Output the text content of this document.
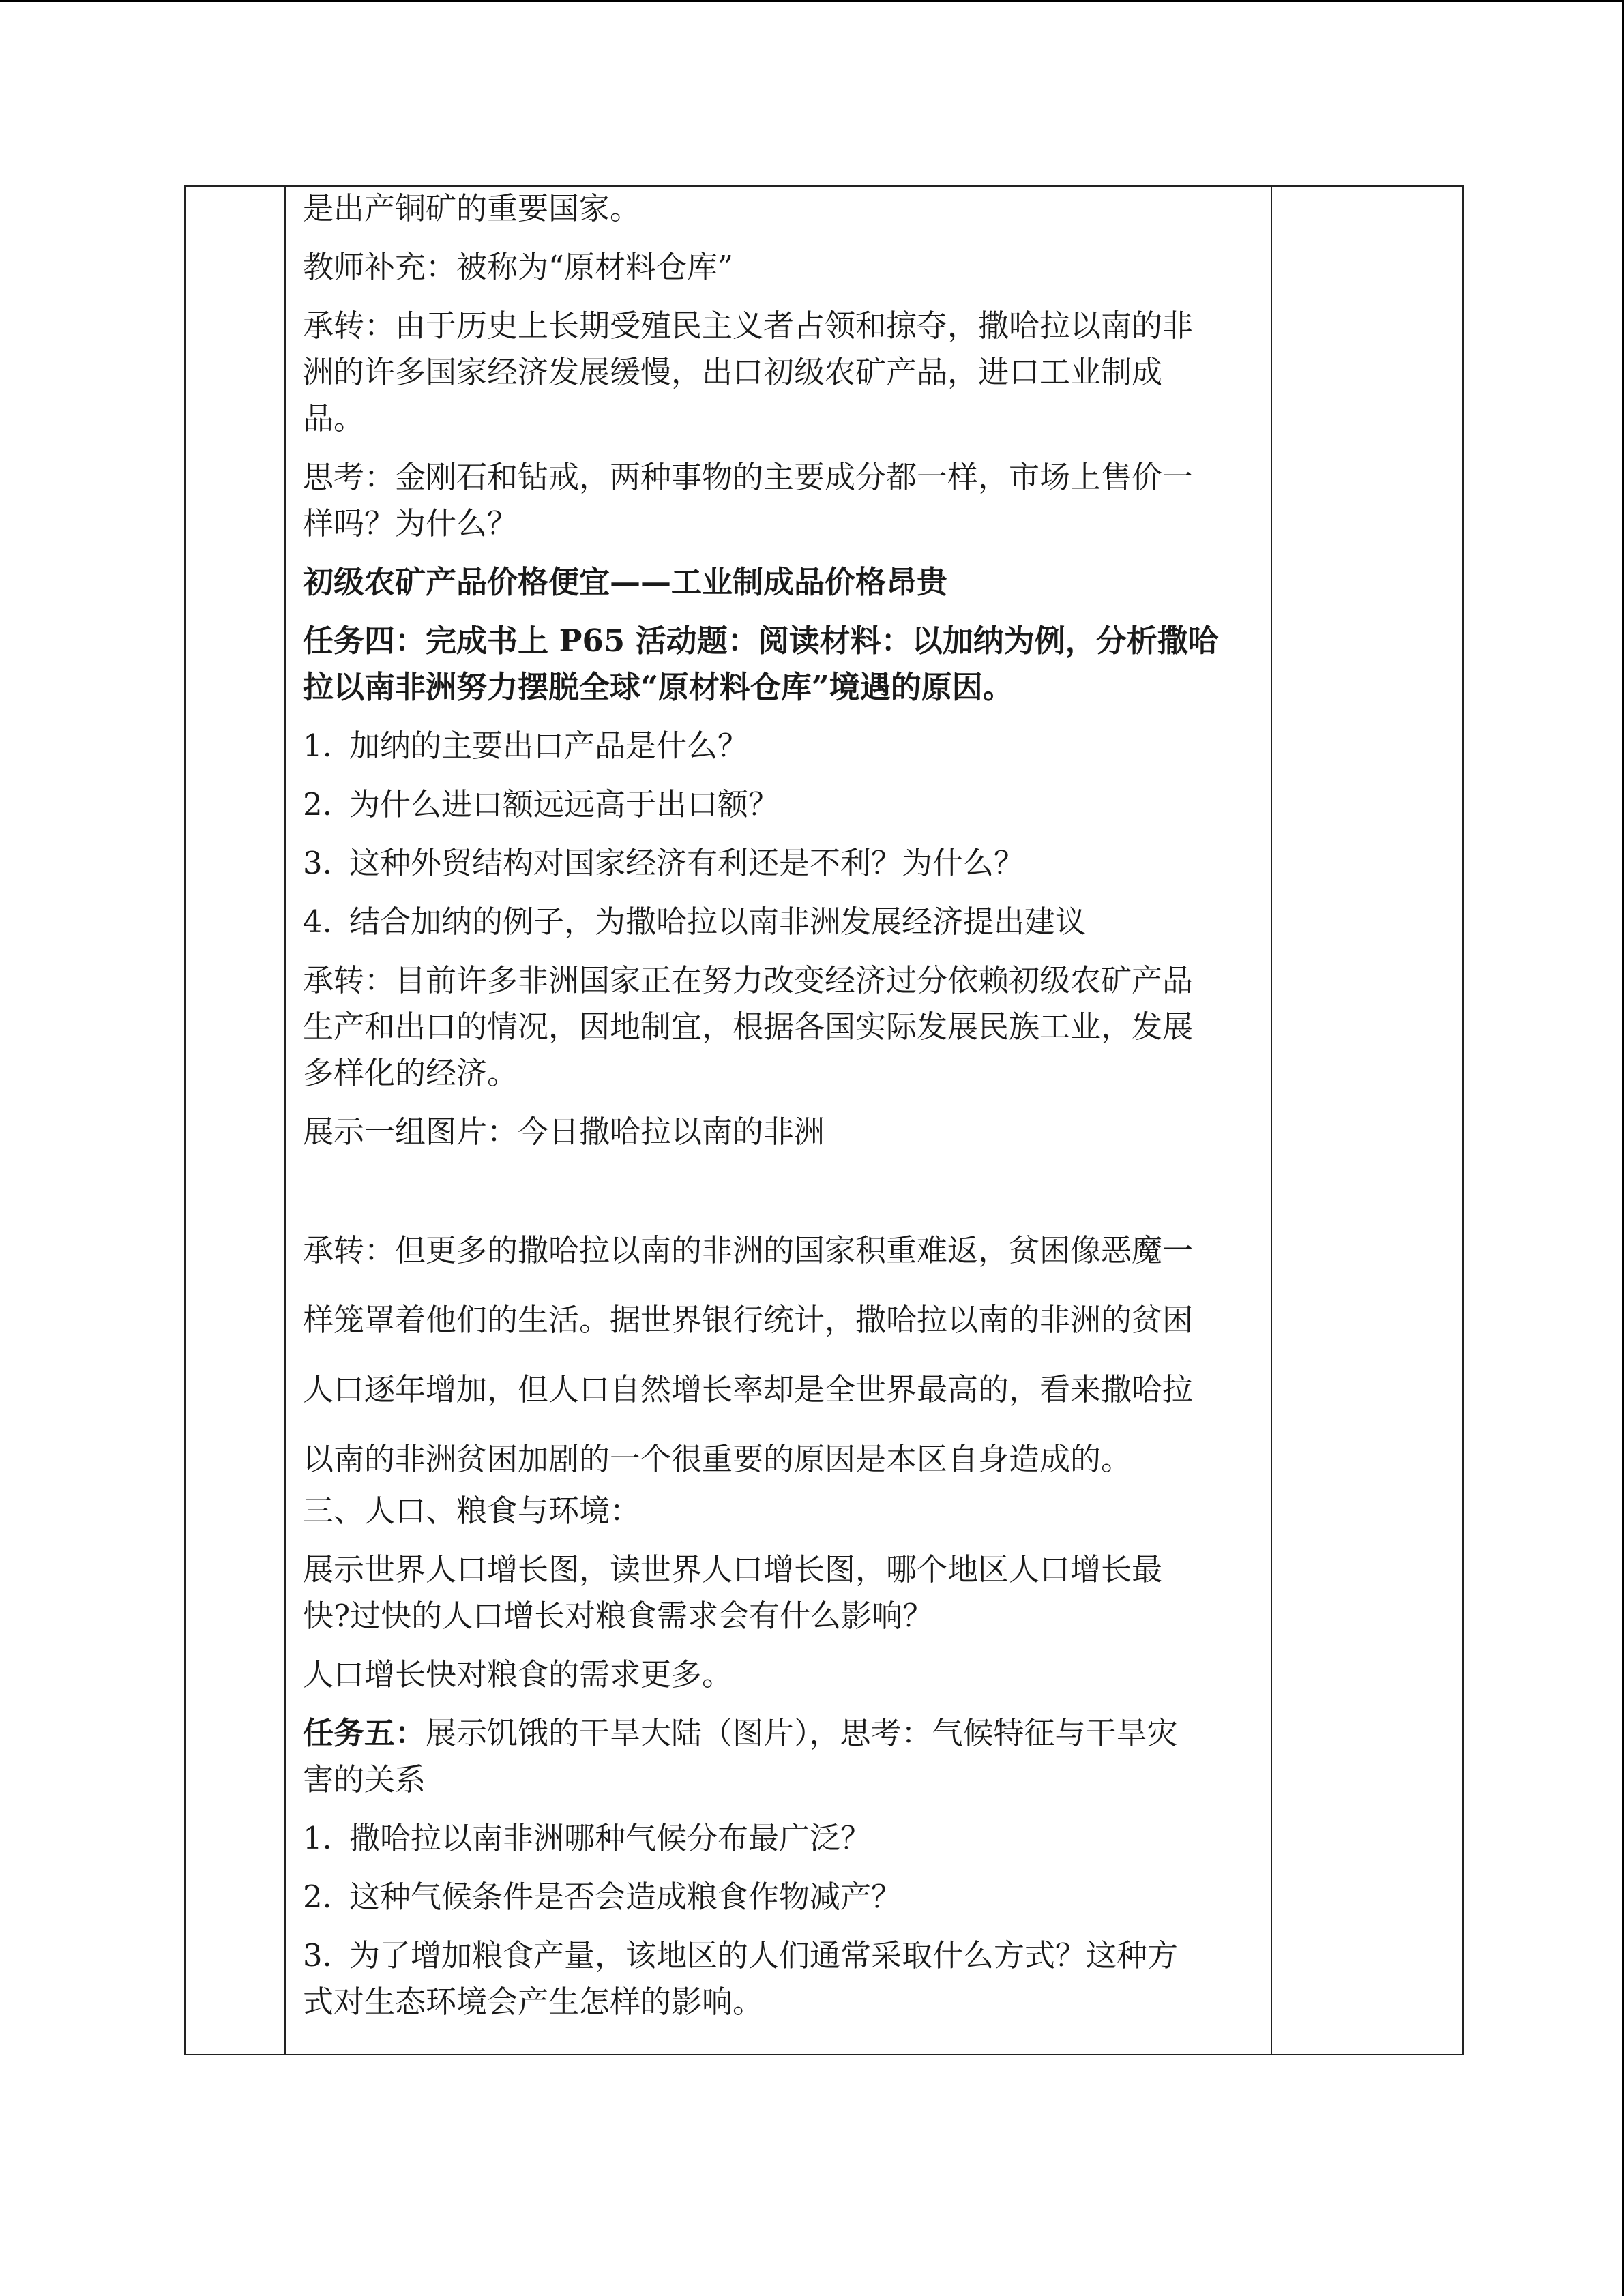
是出产铜矿的重要国家。
教师补充：被称为“原材料仓库”
承转：由于历史上长期受殖民主义者占领和掠夺，撒哈拉以南的非
洲的许多国家经济发展缓慢，出口初级农矿产品，进口工业制成
品。
思考：金刚石和钻戒，两种事物的主要成分都一样，市场上售价一
样吗？为什么？
初级农矿产品价格便宜——工业制成品价格昂贵
任务四：完成书上 P65 活动题：阅读材料：以加纳为例，分析撒哈
拉以南非洲努力摆脱全球“原材料仓库”境遇的原因。
1. 加纳的主要出口产品是什么？
2. 为什么进口额远远高于出口额？
3. 这种外贸结构对国家经济有利还是不利？为什么？
4. 结合加纳的例子，为撒哈拉以南非洲发展经济提出建议
承转：目前许多非洲国家正在努力改变经济过分依赖初级农矿产品
生产和出口的情况，因地制宜，根据各国实际发展民族工业，发展
多样化的经济。
展示一组图片：今日撒哈拉以南的非洲
承转：但更多的撒哈拉以南的非洲的国家积重难返，贫困像恶魔一
样笼罩着他们的生活。据世界银行统计，撒哈拉以南的非洲的贫困
人口逐年增加，但人口自然增长率却是全世界最高的，看来撒哈拉
以南的非洲贫困加剧的一个很重要的原因是本区自身造成的。
三、人口、粮食与环境：
展示世界人口增长图，读世界人口增长图，哪个地区人口增长最
快?过快的人口增长对粮食需求会有什么影响？
人口增长快对粮食的需求更多。
任务五：展示饥饿的干旱大陆（图片），思考：气候特征与干旱灾
害的关系
1．撒哈拉以南非洲哪种气候分布最广泛？
2．这种气候条件是否会造成粮食作物减产？
3．为了增加粮食产量，该地区的人们通常采取什么方式？这种方
式对生态环境会产生怎样的影响。
